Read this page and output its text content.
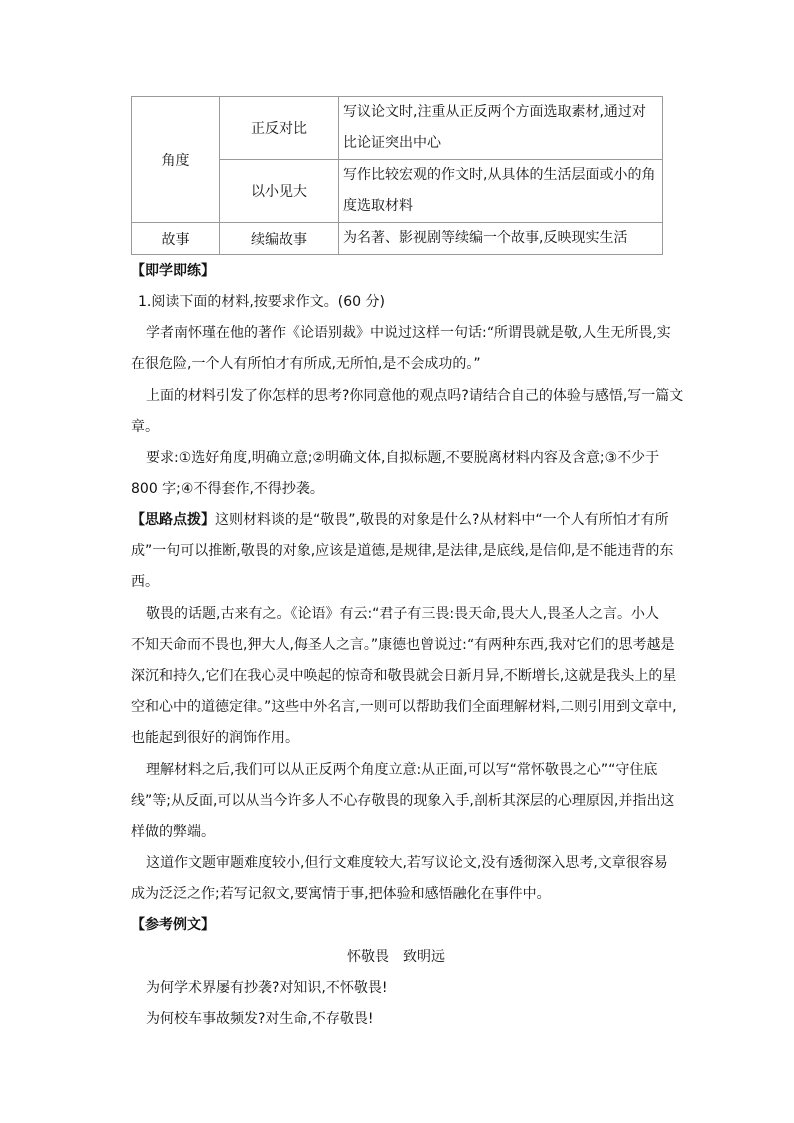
角度	正反对比	写议论文时,注重从正反两个方面选取素材,通过对
比论证突出中心

	以小见大	写作比较宏观的作文时,从具体的生活层面或小的角
度选取材料

故事	续编故事	为名著、影视剧等续编一个故事,反映现实生活
【即学即练】
1.阅读下面的材料,按要求作文。(60 分)
学者南怀瑾在他的著作《论语别裁》中说过这样一句话:“所谓畏就是敬,人生无所畏,实
在很危险,一个人有所怕才有所成,无所怕,是不会成功的。”
上面的材料引发了你怎样的思考?你同意他的观点吗?请结合自己的体验与感悟,写一篇文
章。
要求:①选好角度,明确立意;②明确文体,自拟标题,不要脱离材料内容及含意;③不少于
800 字;④不得套作,不得抄袭。
【思路点拨】这则材料谈的是“敬畏”,敬畏的对象是什么?从材料中“一个人有所怕才有所
成”一句可以推断,敬畏的对象,应该是道德,是规律,是法律,是底线,是信仰,是不能违背的东
西。
敬畏的话题,古来有之。《论语》有云:“君子有三畏:畏天命,畏大人,畏圣人之言。小人
不知天命而不畏也,狎大人,侮圣人之言。”康德也曾说过:“有两种东西,我对它们的思考越是
深沉和持久,它们在我心灵中唤起的惊奇和敬畏就会日新月异,不断增长,这就是我头上的星
空和心中的道德定律。”这些中外名言,一则可以帮助我们全面理解材料,二则引用到文章中,
也能起到很好的润饰作用。
理解材料之后,我们可以从正反两个角度立意:从正面,可以写“常怀敬畏之心”“守住底
线”等;从反面,可以从当今许多人不心存敬畏的现象入手,剖析其深层的心理原因,并指出这
样做的弊端。
这道作文题审题难度较小,但行文难度较大,若写议论文,没有透彻深入思考,文章很容易
成为泛泛之作;若写记叙文,要寓情于事,把体验和感悟融化在事件中。
【参考例文】
怀敬畏　致明远
为何学术界屡有抄袭?对知识,不怀敬畏!
为何校车事故频发?对生命,不存敬畏!
